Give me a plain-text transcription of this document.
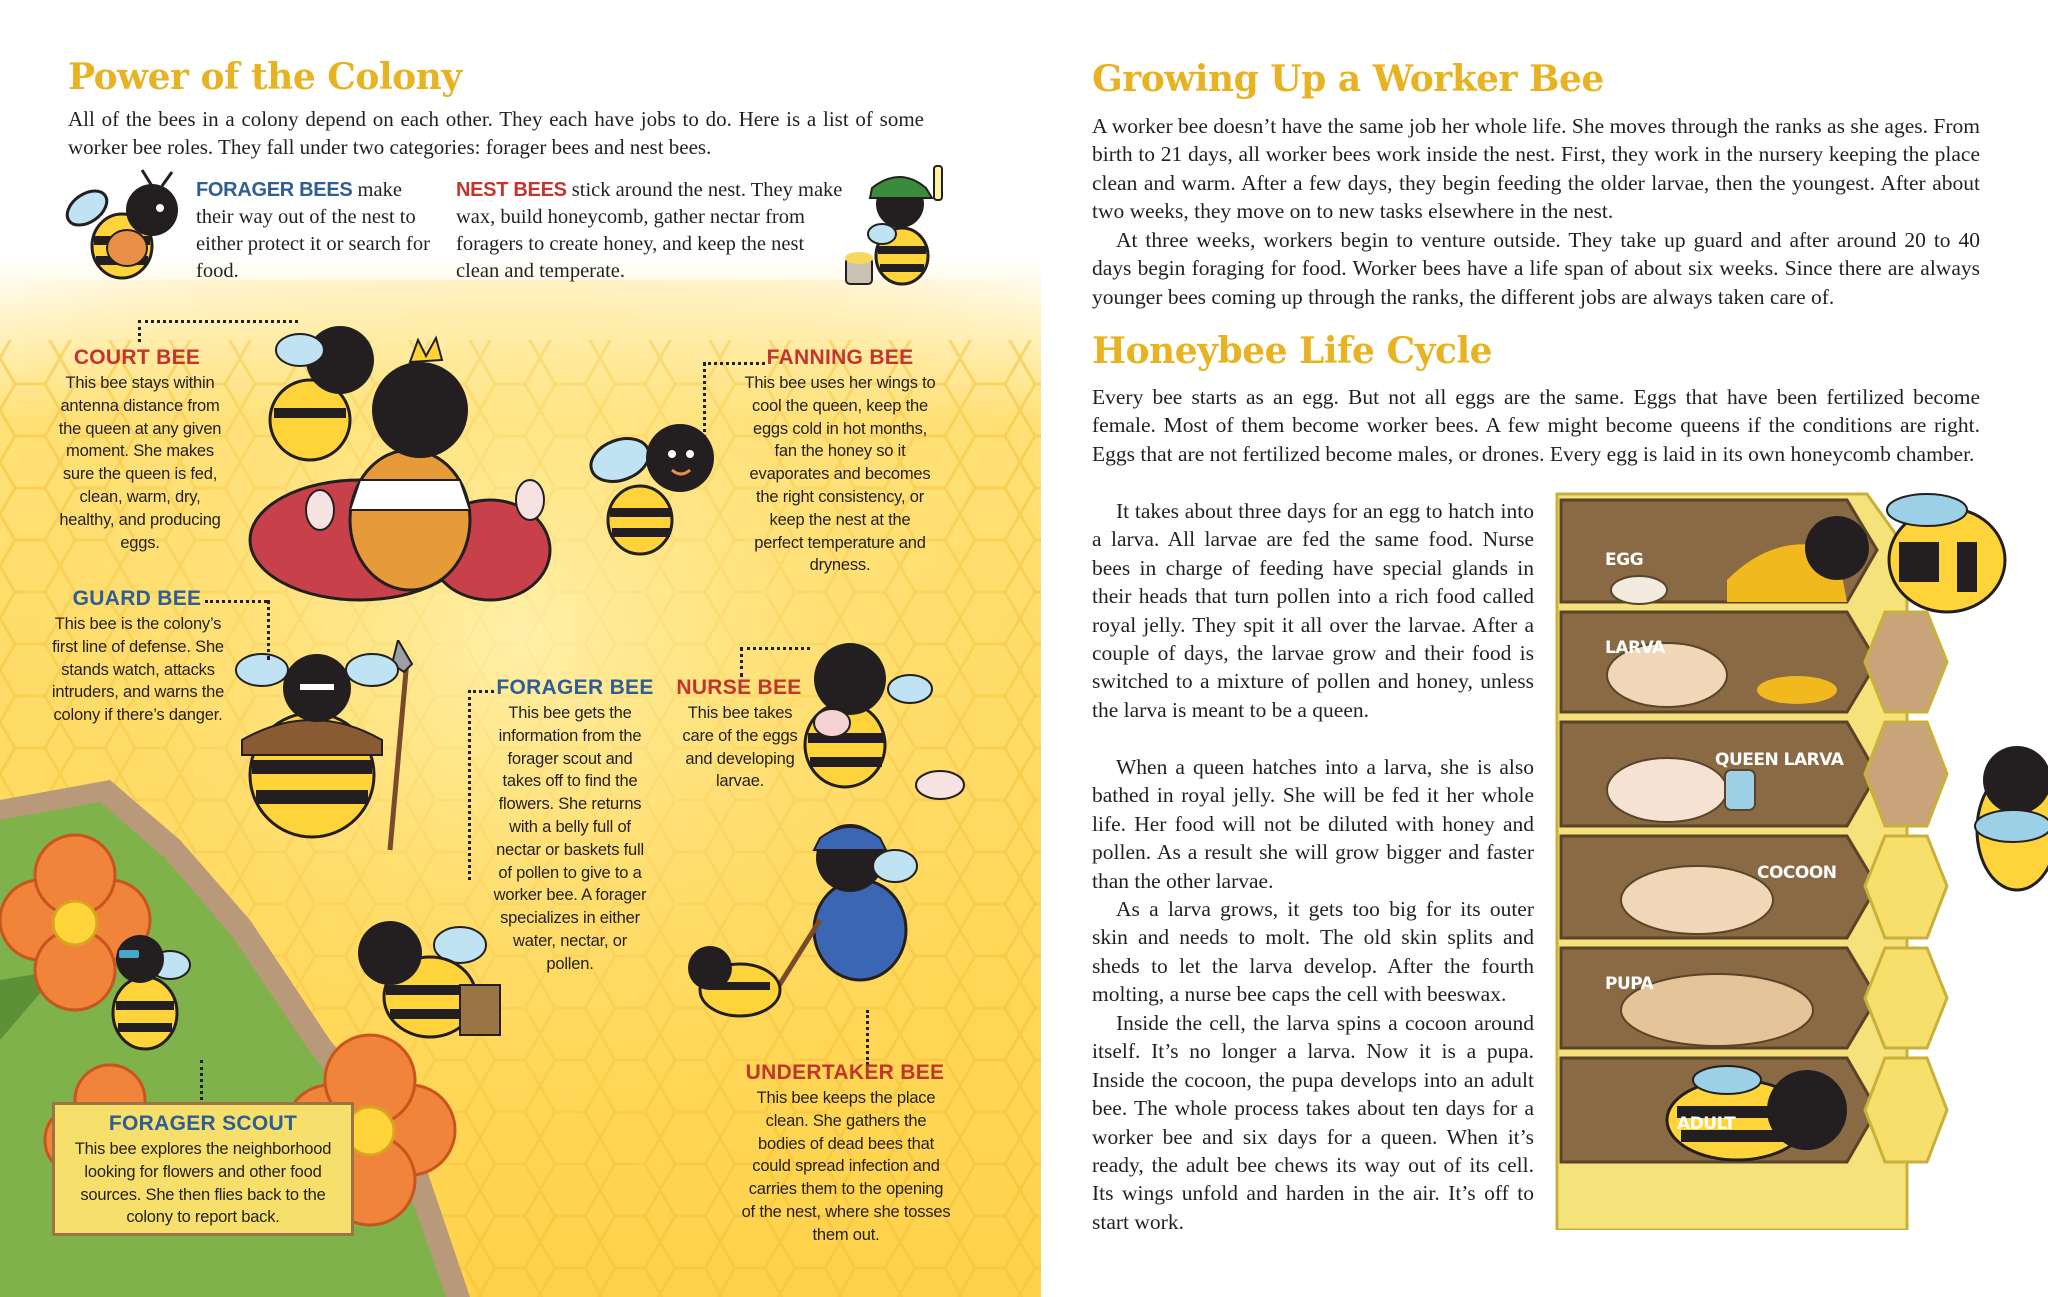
Power of the Colony
All of the bees in a colony depend on each other. They each have jobs to do. Here is a list of some worker bee roles. They fall under two categories: forager bees and nest bees.
FORAGER BEES make their way out of the nest to either protect it or search for food.
NEST BEES stick around the nest. They make wax, build honeycomb, gather nectar from foragers to create honey, and keep the nest clean and temperate.
COURT BEE
This bee stays within antenna distance from the queen at any given moment. She makes sure the queen is fed, clean, warm, dry, healthy, and producing eggs.
FANNING BEE
This bee uses her wings to cool the queen, keep the eggs cold in hot months, fan the honey so it evaporates and becomes the right consistency, or keep the nest at the perfect temperature and dryness.
GUARD BEE
This bee is the colony’s first line of defense. She stands watch, attacks intruders, and warns the colony if there’s danger.
FORAGER BEE
This bee gets the information from the forager scout and takes off to find the flowers. She returns with a belly full of nectar or baskets full of pollen to give to a worker bee. A forager specializes in either water, nectar, or pollen.
NURSE BEE
This bee takes care of the eggs and developing larvae.
UNDERTAKER BEE
This bee keeps the place clean. She gathers the bodies of dead bees that could spread infection and carries them to the opening of the nest, where she tosses them out.
FORAGER SCOUT
This bee explores the neighborhood looking for flowers and other food sources. She then flies back to the colony to report back.
Growing Up a Worker Bee
A worker bee doesn’t have the same job her whole life. She moves through the ranks as she ages. From birth to 21 days, all worker bees work inside the nest. First, they work in the nursery keeping the place clean and warm. After a few days, they begin feeding the older larvae, then the youngest. After about two weeks, they move on to new tasks elsewhere in the nest.
At three weeks, workers begin to venture outside. They take up guard and after around 20 to 40 days begin foraging for food. Worker bees have a life span of about six weeks. Since there are always younger bees coming up through the ranks, the different jobs are always taken care of.
Honeybee Life Cycle
Every bee starts as an egg. But not all eggs are the same. Eggs that have been fertilized become female. Most of them become worker bees. A few might become queens if the conditions are right. Eggs that are not fertilized become males, or drones. Every egg is laid in its own honeycomb chamber.
It takes about three days for an egg to hatch into a larva. All larvae are fed the same food. Nurse bees in charge of feeding have special glands in their heads that turn pollen into a rich food called royal jelly. They spit it all over the larvae. After a couple of days, the larvae grow and their food is switched to a mixture of pollen and honey, unless the larva is meant to be a queen.
When a queen hatches into a larva, she is also bathed in royal jelly. She will be fed it her whole life. Her food will not be diluted with honey and pollen. As a result she will grow bigger and faster than the other larvae.
As a larva grows, it gets too big for its outer skin and needs to molt. The old skin splits and sheds to let the larva develop. After the fourth molting, a nurse bee caps the cell with beeswax.
Inside the cell, the larva spins a cocoon around itself. It’s no longer a larva. Now it is a pupa. Inside the cocoon, the pupa develops into an adult bee. The whole process takes about ten days for a worker bee and six days for a queen. When it’s ready, the adult bee chews its way out of its cell. Its wings unfold and harden in the air. It’s off to start work.
EGG
LARVA
QUEEN LARVA
COCOON
PUPA
ADULT
